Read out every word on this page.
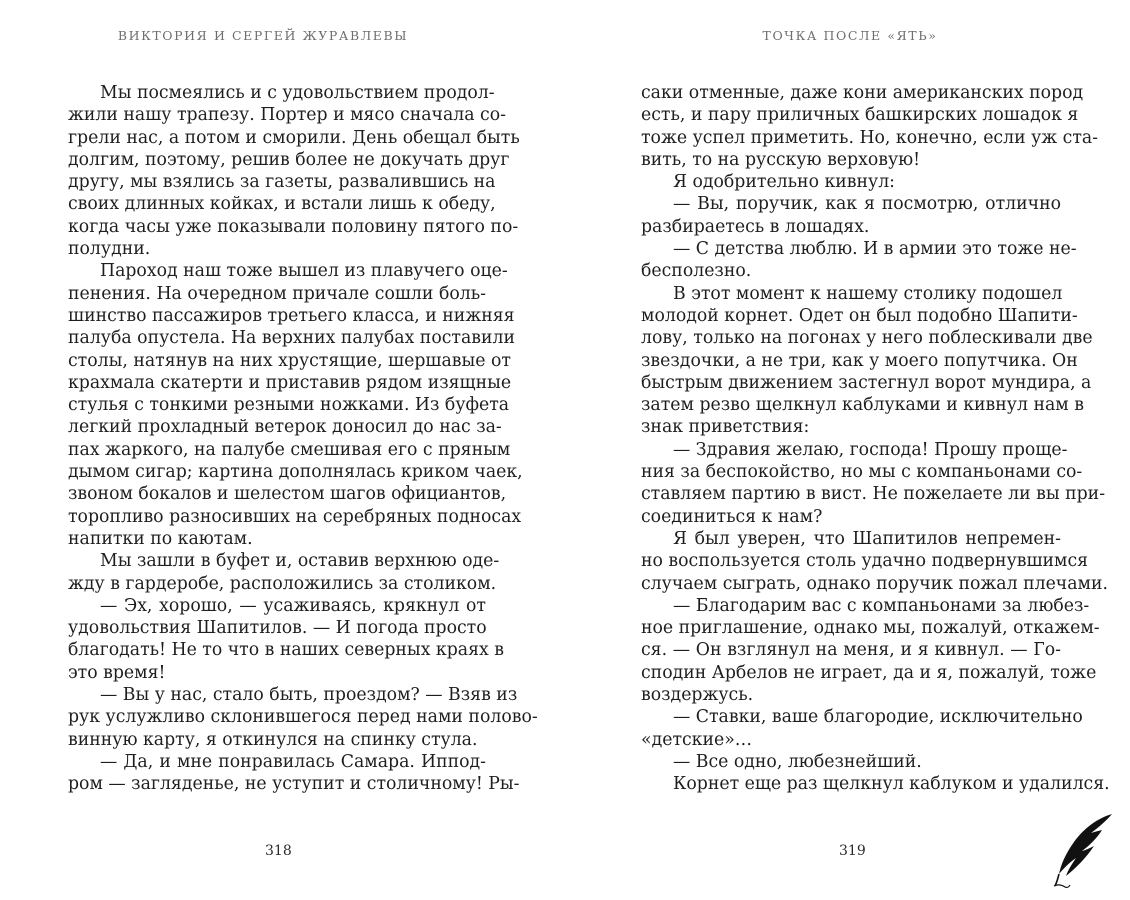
ВИКТОРИЯ И СЕРГЕЙ ЖУРАВЛЕВЫ
Мы посмеялись и с удовольствием продол-
жили нашу трапезу. Портер и мясо сначала со-
грели нас, а потом и сморили. День обещал быть
долгим, поэтому, решив более не докучать друг
другу, мы взялись за газеты, развалившись на
своих длинных койках, и встали лишь к обеду,
когда часы уже показывали половину пятого по-
полудни.
Пароход наш тоже вышел из плавучего оце-
пенения. На очередном причале сошли боль-
шинство пассажиров третьего класса, и нижняя
палуба опустела. На верхних палубах поставили
столы, натянув на них хрустящие, шершавые от
крахмала скатерти и приставив рядом изящные
стулья с тонкими резными ножками. Из буфета
легкий прохладный ветерок доносил до нас за-
пах жаркого, на палубе смешивая его с пряным
дымом сигар; картина дополнялась криком чаек,
звоном бокалов и шелестом шагов официантов,
торопливо разносивших на серебряных подносах
напитки по каютам.
Мы зашли в буфет и, оставив верхнюю оде-
жду в гардеробе, расположились за столиком.
— Эх, хорошо, — усаживаясь, крякнул от
удовольствия Шапитилов. — И погода просто
благодать! Не то что в наших северных краях в
это время!
— Вы у нас, стало быть, проездом? — Взяв из
рук услужливо склонившегося перед нами полово-
винную карту, я откинулся на спинку стула.
— Да, и мне понравилась Самара. Иппод-
ром — загляденье, не уступит и столичному! Ры-
318
ТОЧКА ПОСЛЕ «ЯТЬ»
саки отменные, даже кони американских пород
есть, и пару приличных башкирских лошадок я
тоже успел приметить. Но, конечно, если уж ста-
вить, то на русскую верховую!
Я одобрительно кивнул:
— Вы, поручик, как я посмотрю, отлично
разбираетесь в лошадях.
— С детства люблю. И в армии это тоже не-
бесполезно.
В этот момент к нашему столику подошел
молодой корнет. Одет он был подобно Шапити-
лову, только на погонах у него поблескивали две
звездочки, а не три, как у моего попутчика. Он
быстрым движением застегнул ворот мундира, а
затем резво щелкнул каблуками и кивнул нам в
знак приветствия:
— Здравия желаю, господа! Прошу проще-
ния за беспокойство, но мы с компаньонами со-
ставляем партию в вист. Не пожелаете ли вы при-
соединиться к нам?
Я был уверен, что Шапитилов непремен-
но воспользуется столь удачно подвернувшимся
случаем сыграть, однако поручик пожал плечами.
— Благодарим вас с компаньонами за любез-
ное приглашение, однако мы, пожалуй, откажем-
ся. — Он взглянул на меня, и я кивнул. — Го-
сподин Арбелов не играет, да и я, пожалуй, тоже
воздержусь.
— Ставки, ваше благородие, исключительно
«детские»…
— Все одно, любезнейший.
Корнет еще раз щелкнул каблуком и удалился.
319
